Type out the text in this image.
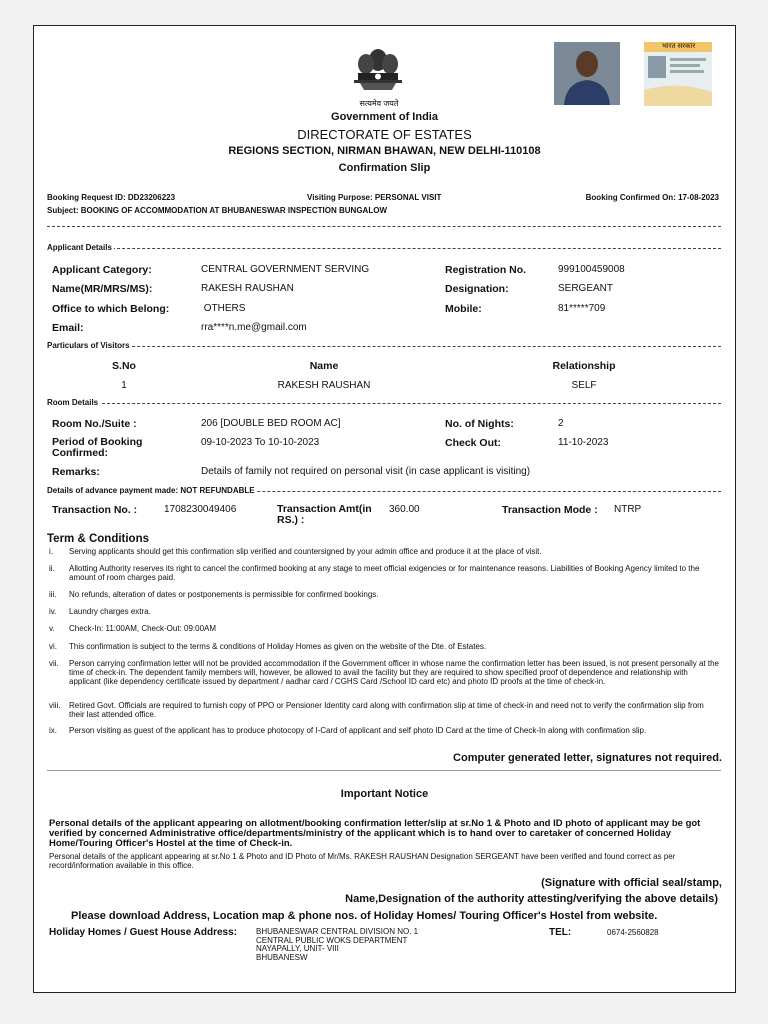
सत्यमेव जयते
भारत सरकार
Government of India
DIRECTORATE OF ESTATES
REGIONS SECTION, NIRMAN BHAWAN, NEW DELHI-110108
Confirmation Slip
Booking Request ID: DD23206223	Visiting Purpose: PERSONAL VISIT	Booking Confirmed On: 17-08-2023
Subject: BOOKING OF ACCOMMODATION AT BHUBANESWAR INSPECTION BUNGALOW
Applicant Details
Applicant Category:	CENTRAL GOVERNMENT SERVING	Registration No.	999100459008
Name(MR/MRS/MS):	RAKESH RAUSHAN	Designation:	SERGEANT
Office to which Belong:	OTHERS	Mobile:	81*****709
Email:	rra****n.me@gmail.com
Particulars of Visitors
S.No	Name	Relationship
1	RAKESH RAUSHAN	SELF
Room Details
Room No./Suite :	206 [DOUBLE BED ROOM AC]	No. of Nights:	2
Period of Booking Confirmed:
09-10-2023 To 10-10-2023	Check Out:	11-10-2023
Remarks:	Details of family not required on personal visit (in case applicant is visiting)
Details of advance payment made: NOT REFUNDABLE
Transaction No. :	1708230049406	Transaction Amt(in RS.) :
360.00	Transaction Mode : NTRP
Term & Conditions
i. Serving applicants should get this confirmation slip verified and countersigned by your admin office and produce it at the place of visit.
ii. Allotting Authority reserves its right to cancel the confirmed booking at any stage to meet official exigencies or for maintenance reasons. Liabilities of Booking Agency limited to the amount of room charges paid.
iii. No refunds, alteration of dates or postponements is permissible for confirmed bookings.
iv. Laundry charges extra.
v. Check-In: 11:00AM, Check-Out: 09:00AM
vi. This confirmation is subject to the terms & conditions of Holiday Homes as given on the website of the Dte. of Estates.
vii. Person carrying confirmation letter will not be provided accommodation if the Government officer in whose name the confirmation letter has been issued, is not present personally at the time of check-in. The dependent family members will, however, be allowed to avail the facility but they are required to show specified proof of dependence and relationship with applicant (like dependency certificate issued by department / aadhar card / CGHS Card /School ID card etc) and photo ID proofs at the time of check-in.
viii. Retired Govt. Officials are required to furnish copy of PPO or Pensioner Identity card along with confirmation slip at time of check-in and need not to verify the confirmation slip from their last attended office.
ix. Person visiting as guest of the applicant has to produce photocopy of I-Card of applicant and self photo ID Card at the time of Check-In along with confirmation slip.
Computer generated letter, signatures not required.
Important Notice
Personal details of the applicant appearing on allotment/booking confirmation letter/slip at sr.No 1 & Photo and ID photo of applicant may be got verified by concerned Administrative office/departments/ministry of the applicant which is to hand over to caretaker of concerned Holiday Home/Touring Officer's Hostel at the time of Check-in.
Personal details of the applicant appearing at sr.No 1 & Photo and ID Photo of Mr/Ms. RAKESH RAUSHAN Designation SERGEANT have been verified and found correct as per record/information available in this office.
(Signature with official seal/stamp,
Name,Designation of the authority attesting/verifying the above details)
Please download Address, Location map & phone nos. of Holiday Homes/ Touring Officer's Hostel from website.
Holiday Homes / Guest House Address: BHUBANESWAR CENTRAL DIVISION NO. 1
CENTRAL PUBLIC WOKS DEPARTMENT
NAYAPALLY, UNIT- VIII
BHUBANESW
TEL:	0674-2560828
